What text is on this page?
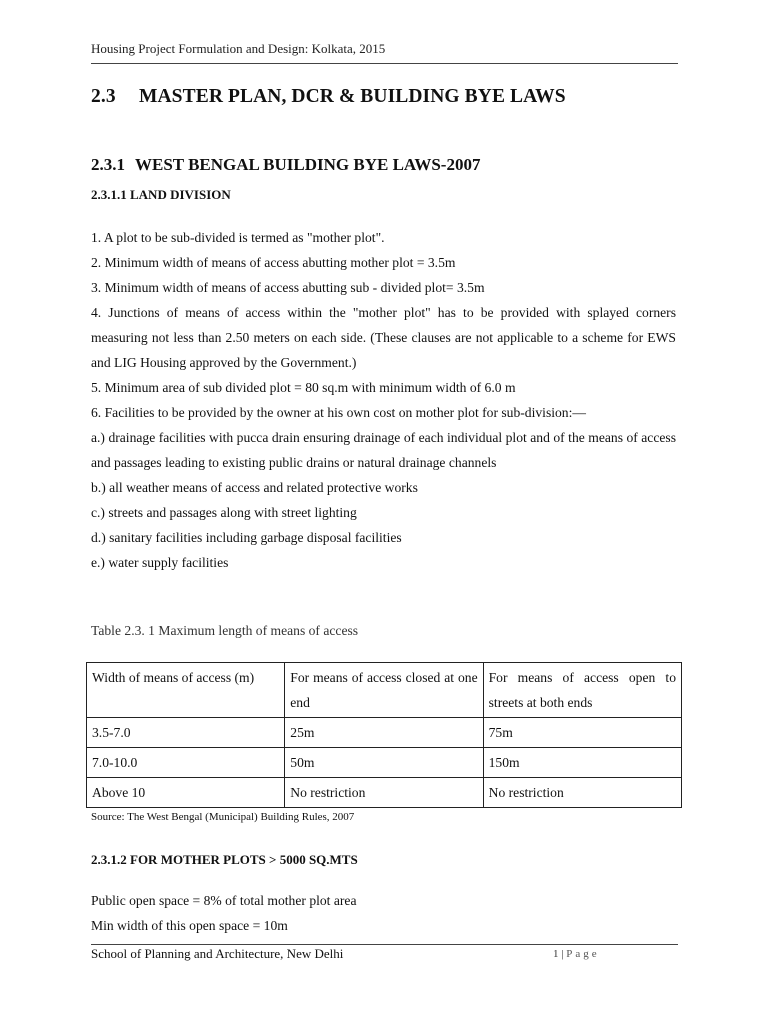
Housing Project Formulation and Design: Kolkata, 2015
2.3 MASTER PLAN, DCR & BUILDING BYE LAWS
2.3.1 WEST BENGAL BUILDING BYE LAWS-2007
2.3.1.1 LAND DIVISION
1. A plot to be sub-divided is termed as "mother plot".
2. Minimum width of means of access abutting mother plot = 3.5m
3. Minimum width of means of access abutting sub - divided plot= 3.5m
4. Junctions of means of access within the "mother plot" has to be provided with splayed corners measuring not less than 2.50 meters on each side. (These clauses are not applicable to a scheme for EWS and LIG Housing approved by the Government.)
5. Minimum area of sub divided plot = 80 sq.m with minimum width of 6.0 m
6. Facilities to be provided by the owner at his own cost on mother plot for sub-division:—
a.) drainage facilities with pucca drain ensuring drainage of each individual plot and of the means of access and passages leading to existing public drains or natural drainage channels
b.) all weather means of access and related protective works
c.) streets and passages along with street lighting
d.) sanitary facilities including garbage disposal facilities
e.) water supply facilities
Table 2.3. 1 Maximum length of means of access
Width of means of access (m)	For means of access closed at one end	For means of access open to streets at both ends
3.5-7.0	25m	75m
7.0-10.0	50m	150m
Above 10	No restriction	No restriction
Source: The West Bengal (Municipal) Building Rules, 2007
2.3.1.2 FOR MOTHER PLOTS > 5000 SQ.MTS
Public open space = 8% of total mother plot area
Min width of this open space = 10m
School of Planning and Architecture, New Delhi	1 | Page
